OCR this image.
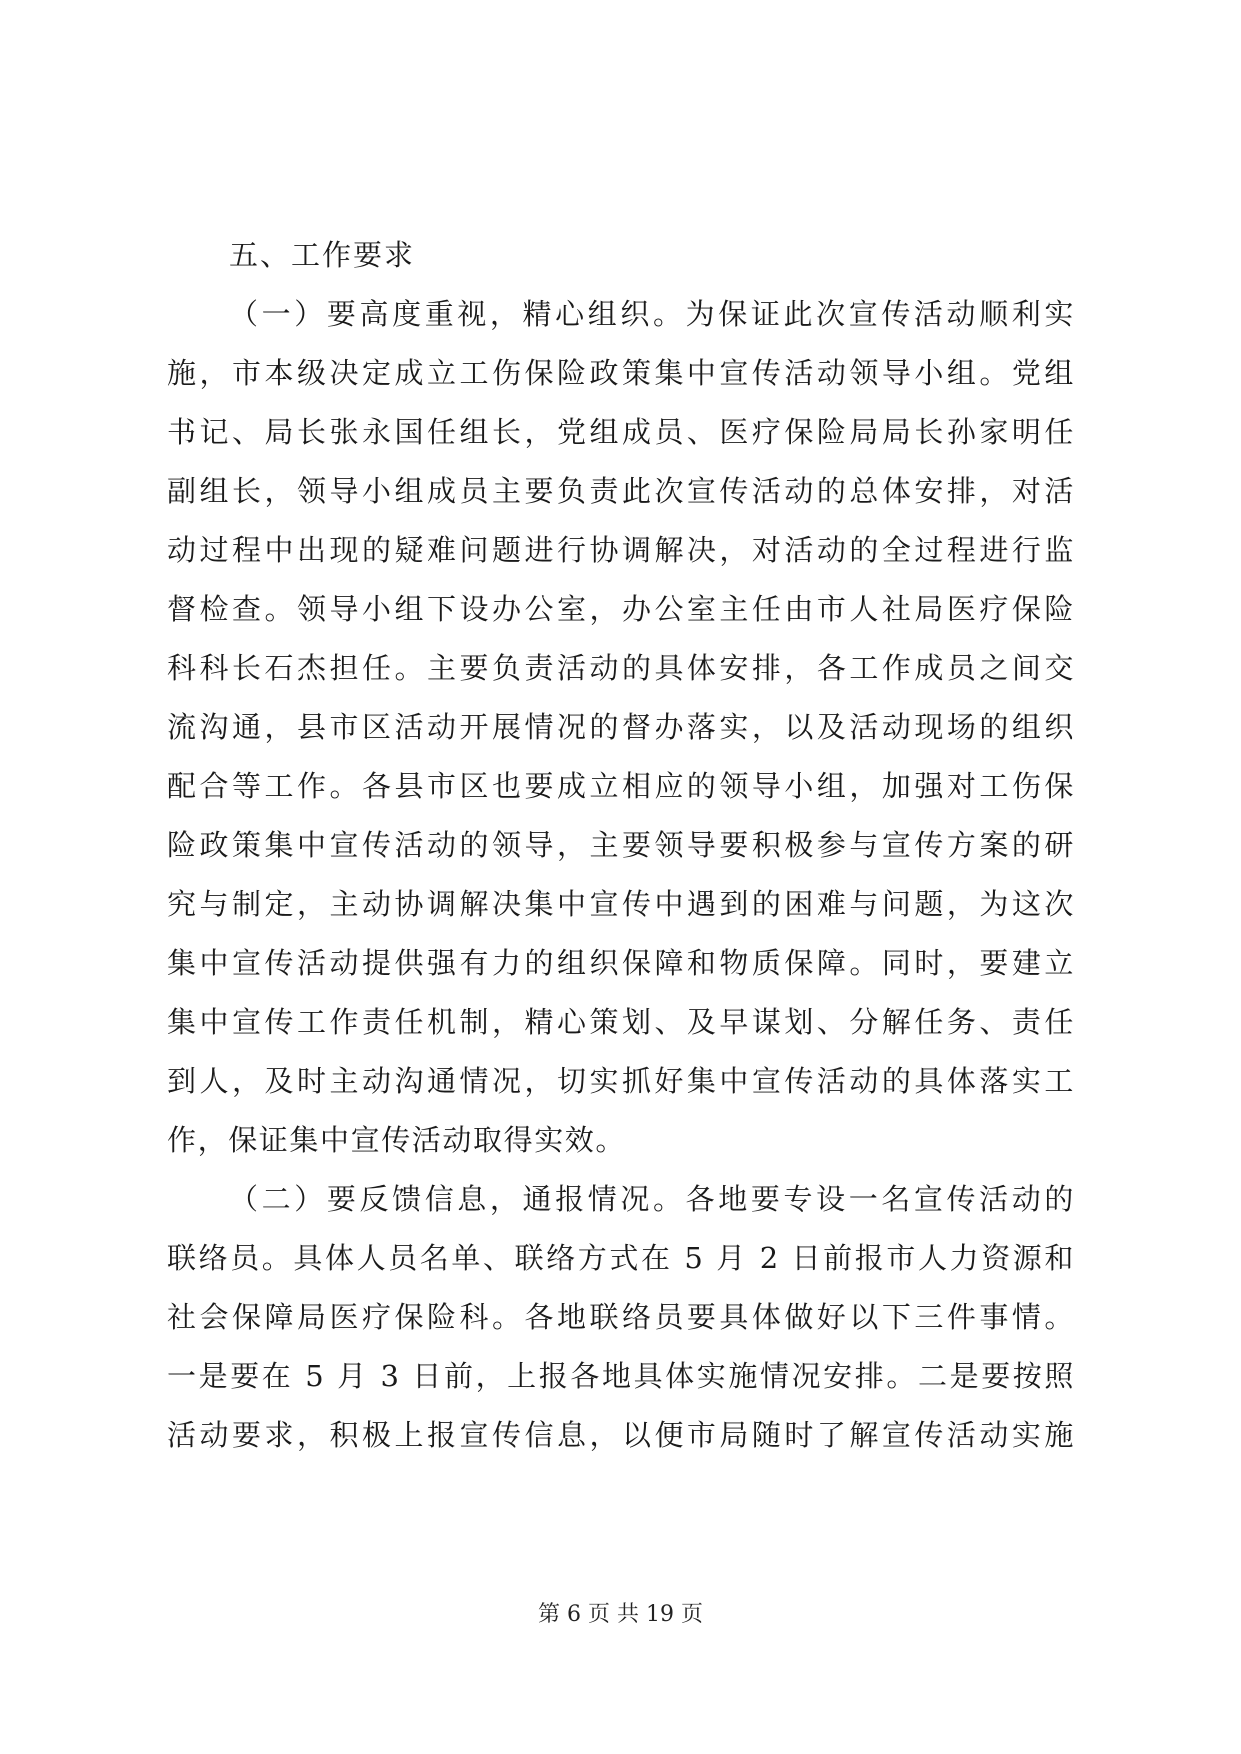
五、工作要求
（一）要高度重视，精心组织。为保证此次宣传活动顺利实
施，市本级决定成立工伤保险政策集中宣传活动领导小组。党组
书记、局长张永国任组长，党组成员、医疗保险局局长孙家明任
副组长，领导小组成员主要负责此次宣传活动的总体安排，对活
动过程中出现的疑难问题进行协调解决，对活动的全过程进行监
督检查。领导小组下设办公室，办公室主任由市人社局医疗保险
科科长石杰担任。主要负责活动的具体安排，各工作成员之间交
流沟通，县市区活动开展情况的督办落实，以及活动现场的组织
配合等工作。各县市区也要成立相应的领导小组，加强对工伤保
险政策集中宣传活动的领导，主要领导要积极参与宣传方案的研
究与制定，主动协调解决集中宣传中遇到的困难与问题，为这次
集中宣传活动提供强有力的组织保障和物质保障。同时，要建立
集中宣传工作责任机制，精心策划、及早谋划、分解任务、责任
到人，及时主动沟通情况，切实抓好集中宣传活动的具体落实工
作，保证集中宣传活动取得实效。
（二）要反馈信息，通报情况。各地要专设一名宣传活动的
联络员。具体人员名单、联络方式在 5 月 2 日前报市人力资源和
社会保障局医疗保险科。各地联络员要具体做好以下三件事情。
一是要在 5 月 3 日前，上报各地具体实施情况安排。二是要按照
活动要求，积极上报宣传信息，以便市局随时了解宣传活动实施
第 6 页 共 19 页
